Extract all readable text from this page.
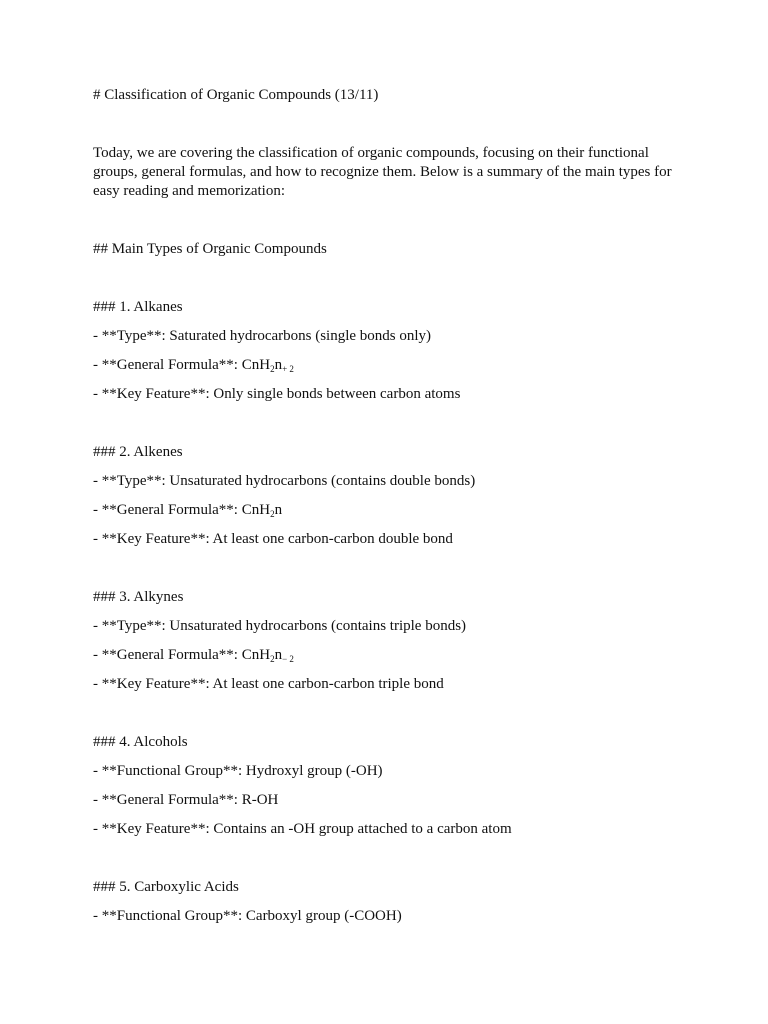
# Classification of Organic Compounds (13/11)

Today, we are covering the classification of organic compounds, focusing on their functional groups, general formulas, and how to recognize them. Below is a summary of the main types for easy reading and memorization:

## Main Types of Organic Compounds

### 1. Alkanes

- **Type**: Saturated hydrocarbons (single bonds only)

- **General Formula**: $CnH_2n_{+ 2}$

- **Key Feature**: Only single bonds between carbon atoms

### 2. Alkenes

- **Type**: Unsaturated hydrocarbons (contains double bonds)

- **General Formula**: CnH$_2$n

- **Key Feature**: At least one carbon-carbon double bond

### 3. Alkynes

- **Type**: Unsaturated hydrocarbons (contains triple bonds)

- **General Formula**: $CnH_2n_{- 2}$

- **Key Feature**: At least one carbon-carbon triple bond

### 4. Alcohols

- **Functional Group**: Hydroxyl group (-OH)

- **General Formula**: R-OH

- **Key Feature**: Contains an -OH group attached to a carbon atom

### 5. Carboxylic Acids

- **Functional Group**: Carboxyl group (-COOH)
